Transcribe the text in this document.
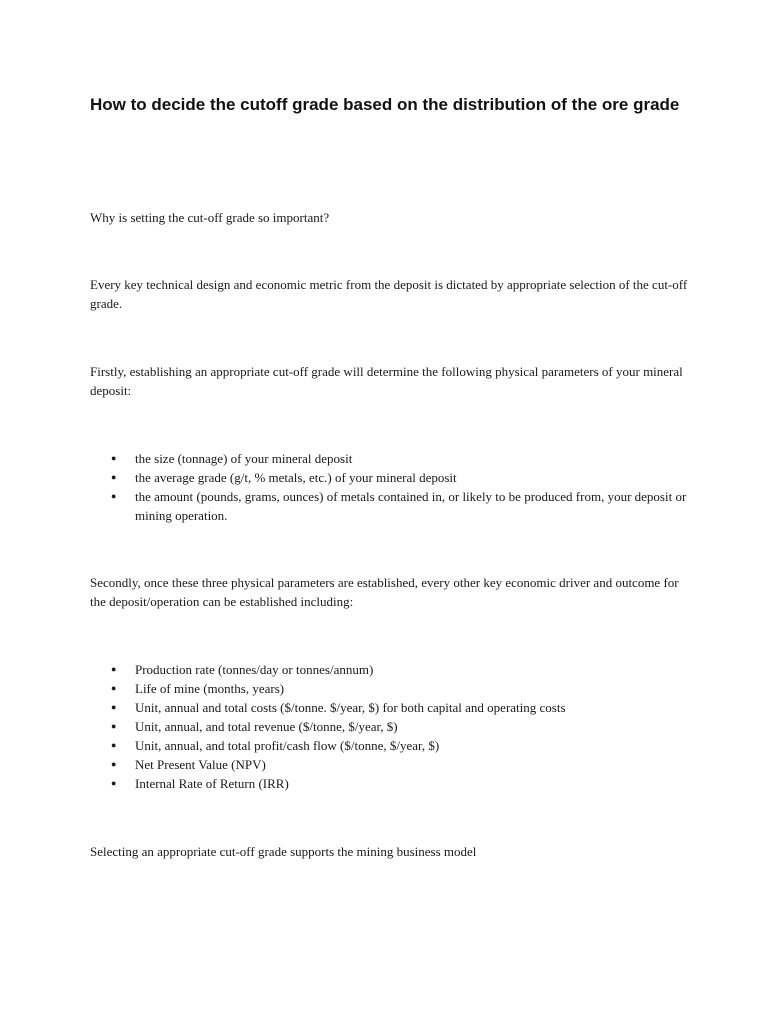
How to decide the cutoff grade based on the distribution of the ore grade

Why is setting the cut-off grade so important?

Every key technical design and economic metric from the deposit is dictated by appropriate selection of the cut-off grade.

Firstly, establishing an appropriate cut-off grade will determine the following physical parameters of your mineral deposit:

● the size (tonnage) of your mineral deposit
● the average grade (g/t, % metals, etc.) of your mineral deposit
● the amount (pounds, grams, ounces) of metals contained in, or likely to be produced from, your deposit or mining operation.

Secondly, once these three physical parameters are established, every other key economic driver and outcome for the deposit/operation can be established including:

● Production rate (tonnes/day or tonnes/annum)
● Life of mine (months, years)
● Unit, annual and total costs ($/tonne. $/year, $) for both capital and operating costs
● Unit, annual, and total revenue ($/tonne, $/year, $)
● Unit, annual, and total profit/cash flow ($/tonne, $/year, $)
● Net Present Value (NPV)
● Internal Rate of Return (IRR)

Selecting an appropriate cut-off grade supports the mining business model
